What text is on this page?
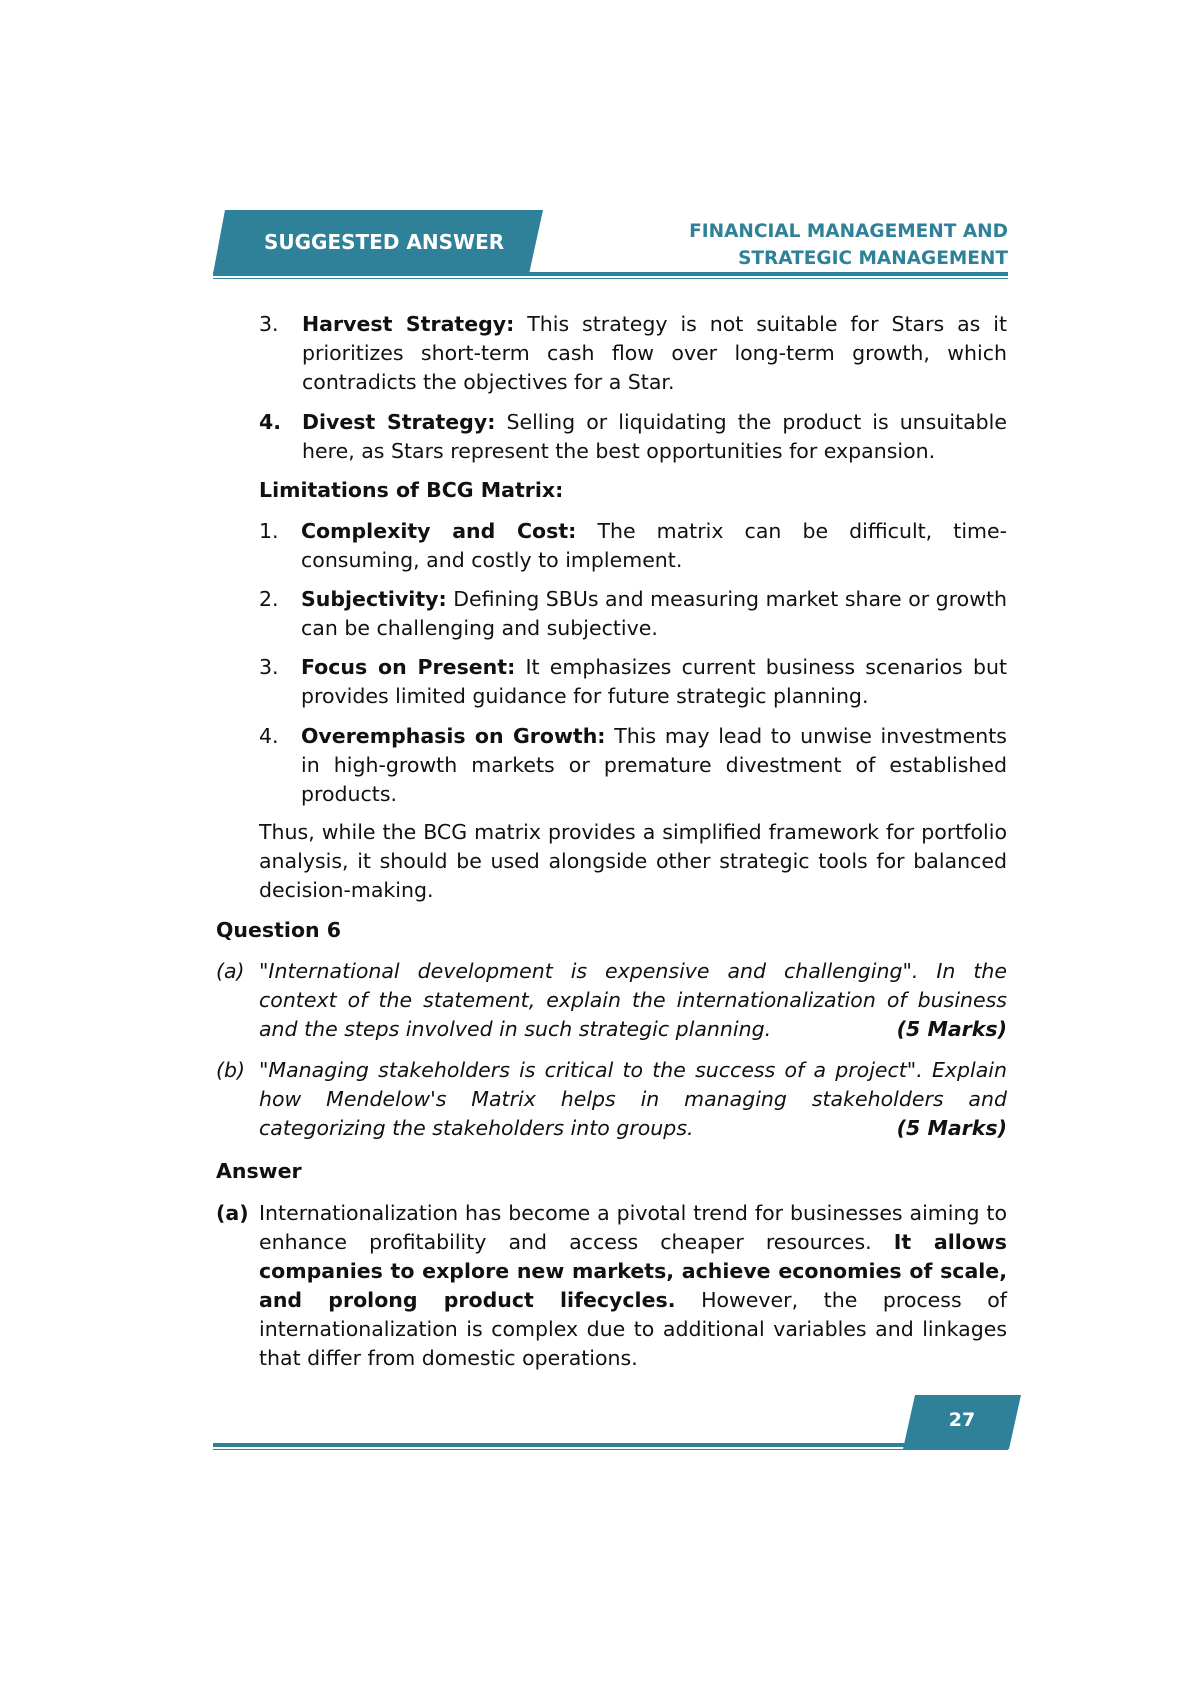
SUGGESTED ANSWER	FINANCIAL MANAGEMENT AND
STRATEGIC MANAGEMENT
3. Harvest Strategy: This strategy is not suitable for Stars as it prioritizes short-term cash flow over long-term growth, which contradicts the objectives for a Star.
4. Divest Strategy: Selling or liquidating the product is unsuitable here, as Stars represent the best opportunities for expansion.
Limitations of BCG Matrix:
1. Complexity and Cost: The matrix can be difficult, time-consuming, and costly to implement.
2. Subjectivity: Defining SBUs and measuring market share or growth can be challenging and subjective.
3. Focus on Present: It emphasizes current business scenarios but provides limited guidance for future strategic planning.
4. Overemphasis on Growth: This may lead to unwise investments in high-growth markets or premature divestment of established products.
Thus, while the BCG matrix provides a simplified framework for portfolio analysis, it should be used alongside other strategic tools for balanced decision-making.
Question 6
(a) "International development is expensive and challenging". In the context of the statement, explain the internationalization of business and the steps involved in such strategic planning.	(5 Marks)
(b) "Managing stakeholders is critical to the success of a project". Explain how Mendelow's Matrix helps in managing stakeholders and categorizing the stakeholders into groups.	(5 Marks)
Answer
(a) Internationalization has become a pivotal trend for businesses aiming to enhance profitability and access cheaper resources. It allows companies to explore new markets, achieve economies of scale, and prolong product lifecycles. However, the process of internationalization is complex due to additional variables and linkages that differ from domestic operations.
27
